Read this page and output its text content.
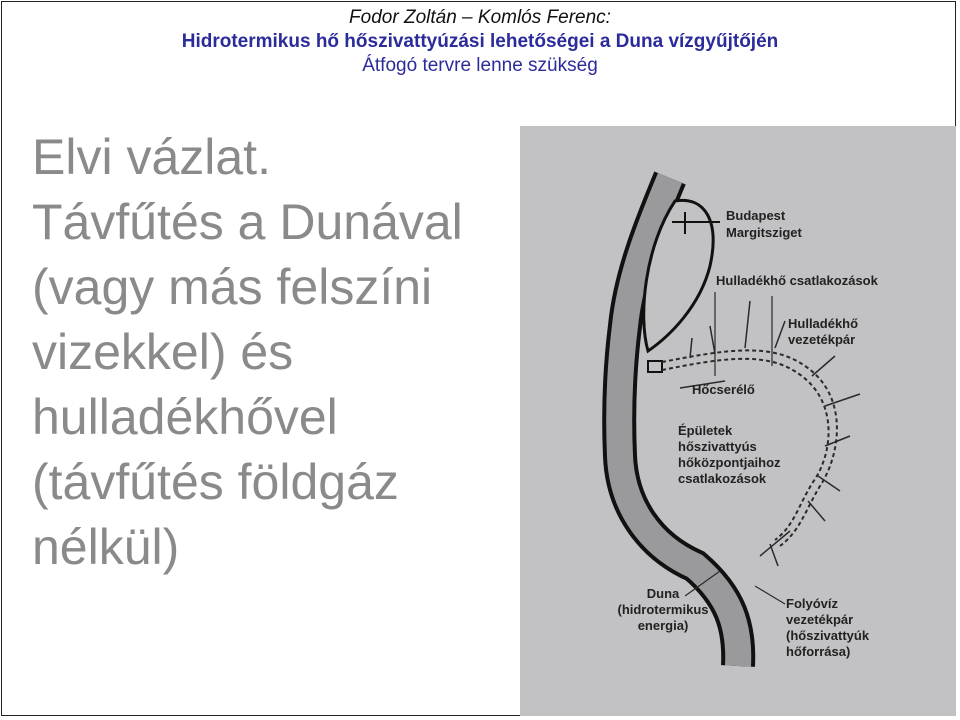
Fodor Zoltán – Komlós Ferenc:
Hidrotermikus hő hőszivattyúzási lehetőségei a Duna vízgyűjtőjén
Átfogó tervre lenne szükség
Elvi vázlat.
Távfűtés a Dunával
(vagy más felszíni
vizekkel) és
hulladékhővel
(távfűtés földgáz
nélkül)
Budapest
Margitsziget
Hulladékhő csatlakozások
Hulladékhő
vezetékpár
Hőcserélő
Épületek
hőszivattyús
hőközpontjaihoz
csatlakozások
Duna
(hidrotermikus
energia)
Folyóvíz
vezetékpár
(hőszivattyúk
hőforrása)
